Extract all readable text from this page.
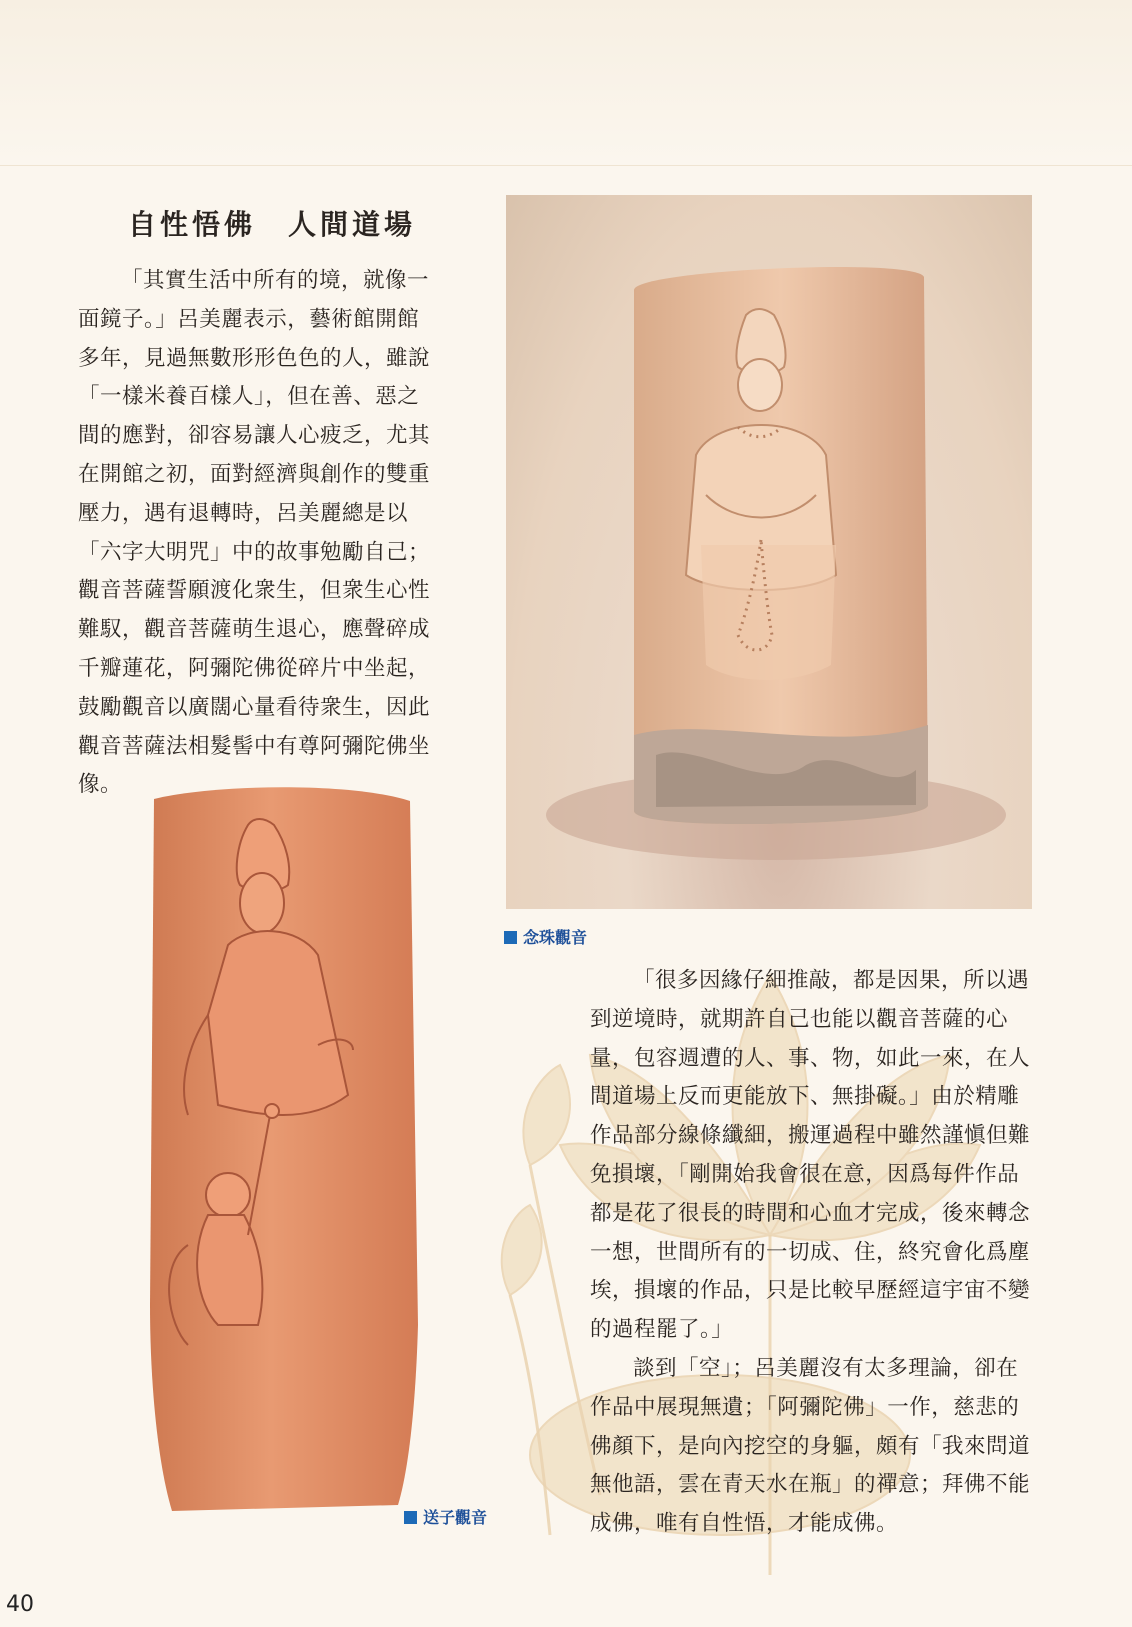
自性悟佛　人間道場

「其實生活中所有的境，就像一面鏡子。」呂美麗表示，藝術館開館多年，見過無數形形色色的人，雖說「一樣米養百樣人」，但在善、惡之間的應對，卻容易讓人心疲乏，尤其在開館之初，面對經濟與創作的雙重壓力，遇有退轉時，呂美麗總是以「六字大明咒」中的故事勉勵自己；觀音菩薩誓願渡化衆生，但衆生心性難馭，觀音菩薩萌生退心，應聲碎成千瓣蓮花，阿彌陀佛從碎片中坐起，鼓勵觀音以廣闊心量看待衆生，因此觀音菩薩法相髮髻中有尊阿彌陀佛坐像。

念珠觀音
送子觀音

「很多因緣仔細推敲，都是因果，所以遇到逆境時，就期許自己也能以觀音菩薩的心量，包容週遭的人、事、物，如此一來，在人間道場上反而更能放下、無掛礙。」由於精雕作品部分線條纖細，搬運過程中雖然謹愼但難免損壞，「剛開始我會很在意，因爲每件作品都是花了很長的時間和心血才完成，後來轉念一想，世間所有的一切成、住，終究會化爲塵埃，損壞的作品，只是比較早歷經這宇宙不變的過程罷了。」

談到「空」；呂美麗沒有太多理論，卻在作品中展現無遺；「阿彌陀佛」一作，慈悲的佛顏下，是向內挖空的身軀，頗有「我來問道無他語，雲在青天水在瓶」的禪意；拜佛不能成佛，唯有自性悟，才能成佛。

40
